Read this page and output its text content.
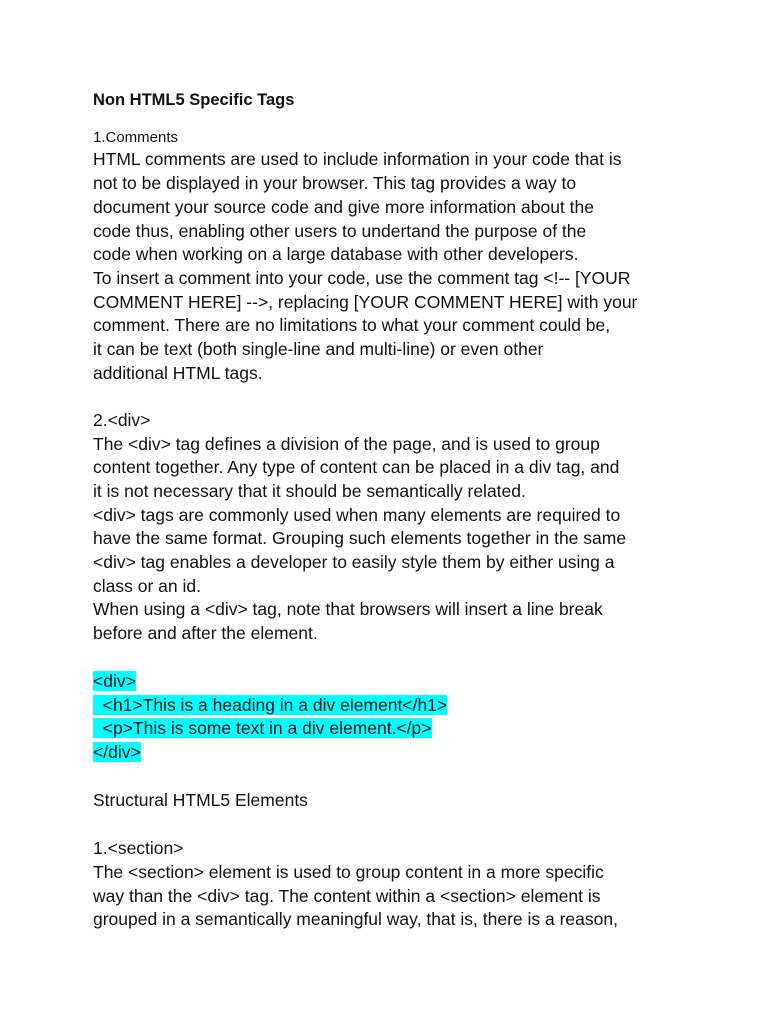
Non HTML5 Specific Tags
1.Comments
HTML comments are used to include information in your code that is
not to be displayed in your browser. This tag provides a way to
document your source code and give more information about the
code thus, enabling other users to undertand the purpose of the
code when working on a large database with other developers.
To insert a comment into your code, use the comment tag <!-- [YOUR
COMMENT HERE] -->, replacing [YOUR COMMENT HERE] with your
comment. There are no limitations to what your comment could be,
it can be text (both single-line and multi-line) or even other
additional HTML tags.
2.<div>
The <div> tag defines a division of the page, and is used to group
content together. Any type of content can be placed in a div tag, and
it is not necessary that it should be semantically related.
<div> tags are commonly used when many elements are required to
have the same format. Grouping such elements together in the same
<div> tag enables a developer to easily style them by either using a
class or an id.
When using a <div> tag, note that browsers will insert a line break
before and after the element.
<div>
<h1>This is a heading in a div element</h1>
<p>This is some text in a div element.</p>
</div>
Structural HTML5 Elements
1.<section>
The <section> element is used to group content in a more specific
way than the <div> tag. The content within a <section> element is
grouped in a semantically meaningful way, that is, there is a reason,
